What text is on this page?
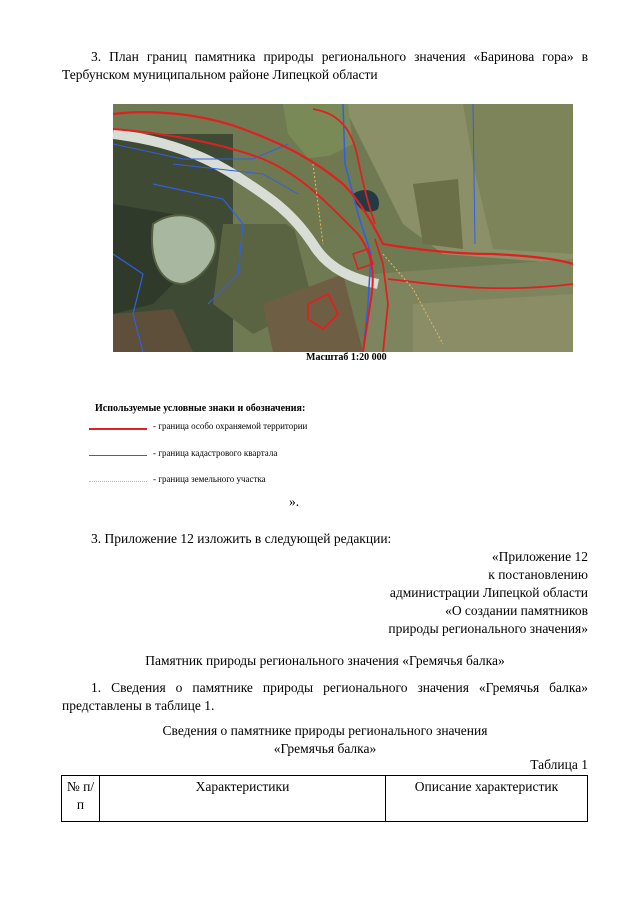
3. План границ памятника природы регионального значения «Баринова гора» в Тербунском муниципальном районе Липецкой области
Масштаб 1:20 000
Используемые условные знаки и обозначения:
- граница особо охраняемой территории
- граница кадастрового квартала
- граница земельного участка
».
3. Приложение 12 изложить в следующей редакции:
«Приложение 12
к постановлению
администрации Липецкой области
«О создании памятников
природы регионального значения»
Памятник природы регионального значения «Гремячья балка»
1. Сведения о памятнике природы регионального значения «Гремячья балка» представлены в таблице 1.
Сведения о памятнике природы регионального значения
«Гремячья балка»
Таблица 1
№ п/п	Характеристики	Описание характеристик
